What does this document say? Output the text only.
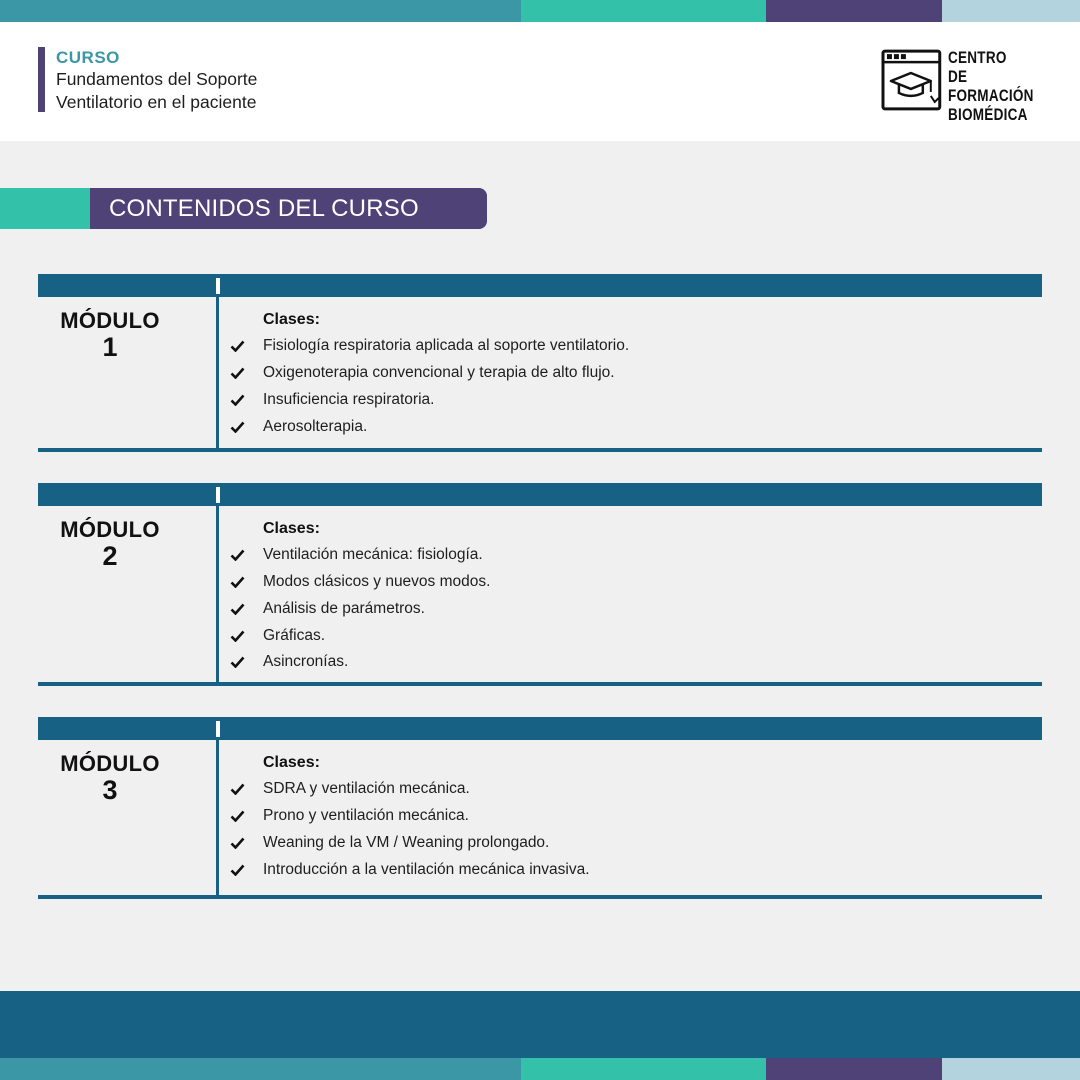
CURSO
Fundamentos del Soporte
Ventilatorio en el paciente
CENTRO
DE FORMACIÓN
BIOMÉDICA
CONTENIDOS DEL CURSO
MÓDULO
1
Clases:
Fisiología respiratoria aplicada al soporte ventilatorio.
Oxigenoterapia convencional y terapia de alto flujo.
Insuficiencia respiratoria.
Aerosolterapia.
MÓDULO
2
Clases:
Ventilación mecánica: fisiología.
Modos clásicos y nuevos modos.
Análisis de parámetros.
Gráficas.
Asincronías.
MÓDULO
3
Clases:
SDRA y ventilación mecánica.
Prono y ventilación mecánica.
Weaning de la VM / Weaning prolongado.
Introducción a la ventilación mecánica invasiva.
